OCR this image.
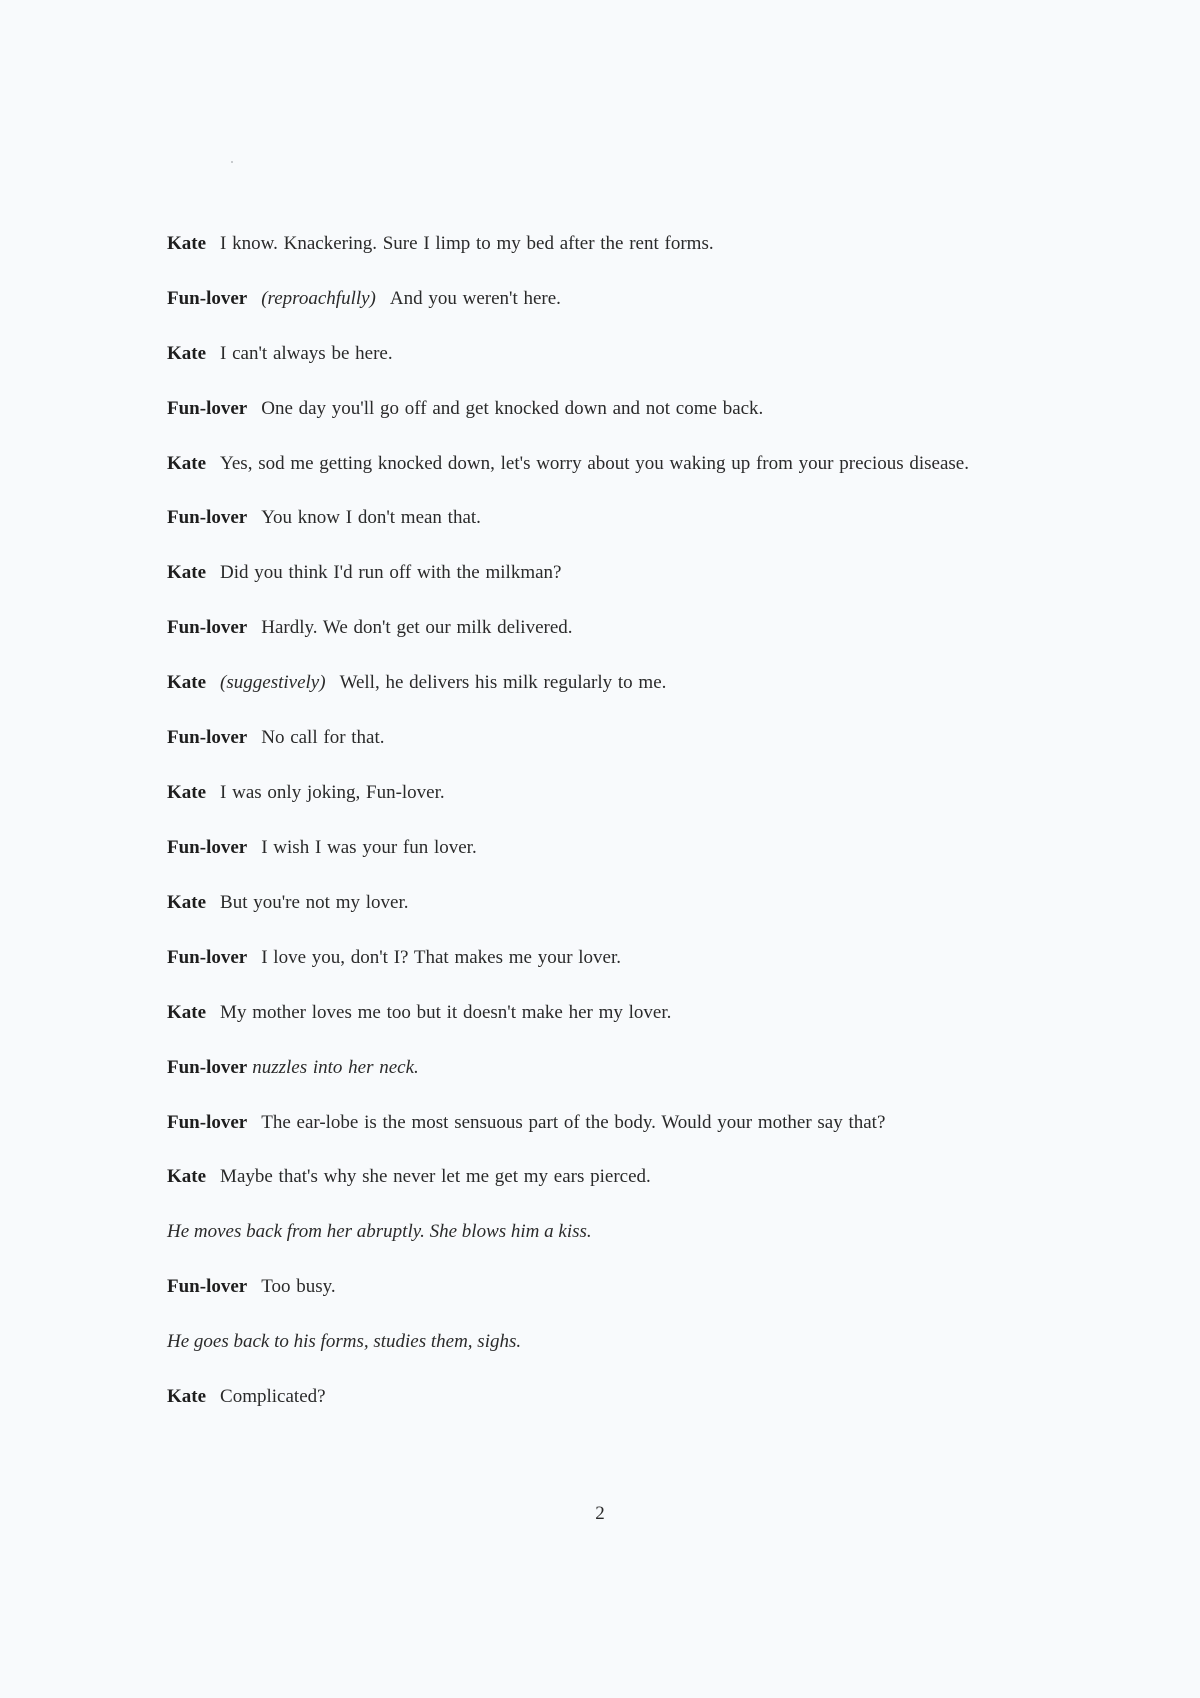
Kate I know. Knackering. Sure I limp to my bed after the rent forms.

Fun-lover (reproachfully) And you weren't here.

Kate I can't always be here.

Fun-lover One day you'll go off and get knocked down and not come back.

Kate Yes, sod me getting knocked down, let's worry about you waking up from your precious disease.

Fun-lover You know I don't mean that.

Kate Did you think I'd run off with the milkman?

Fun-lover Hardly. We don't get our milk delivered.

Kate (suggestively) Well, he delivers his milk regularly to me.

Fun-lover No call for that.

Kate I was only joking, Fun-lover.

Fun-lover I wish I was your fun lover.

Kate But you're not my lover.

Fun-lover I love you, don't I? That makes me your lover.

Kate My mother loves me too but it doesn't make her my lover.

Fun-lover nuzzles into her neck.

Fun-lover The ear-lobe is the most sensuous part of the body. Would your mother say that?

Kate Maybe that's why she never let me get my ears pierced.

He moves back from her abruptly. She blows him a kiss.

Fun-lover Too busy.

He goes back to his forms, studies them, sighs.

Kate Complicated?

2
